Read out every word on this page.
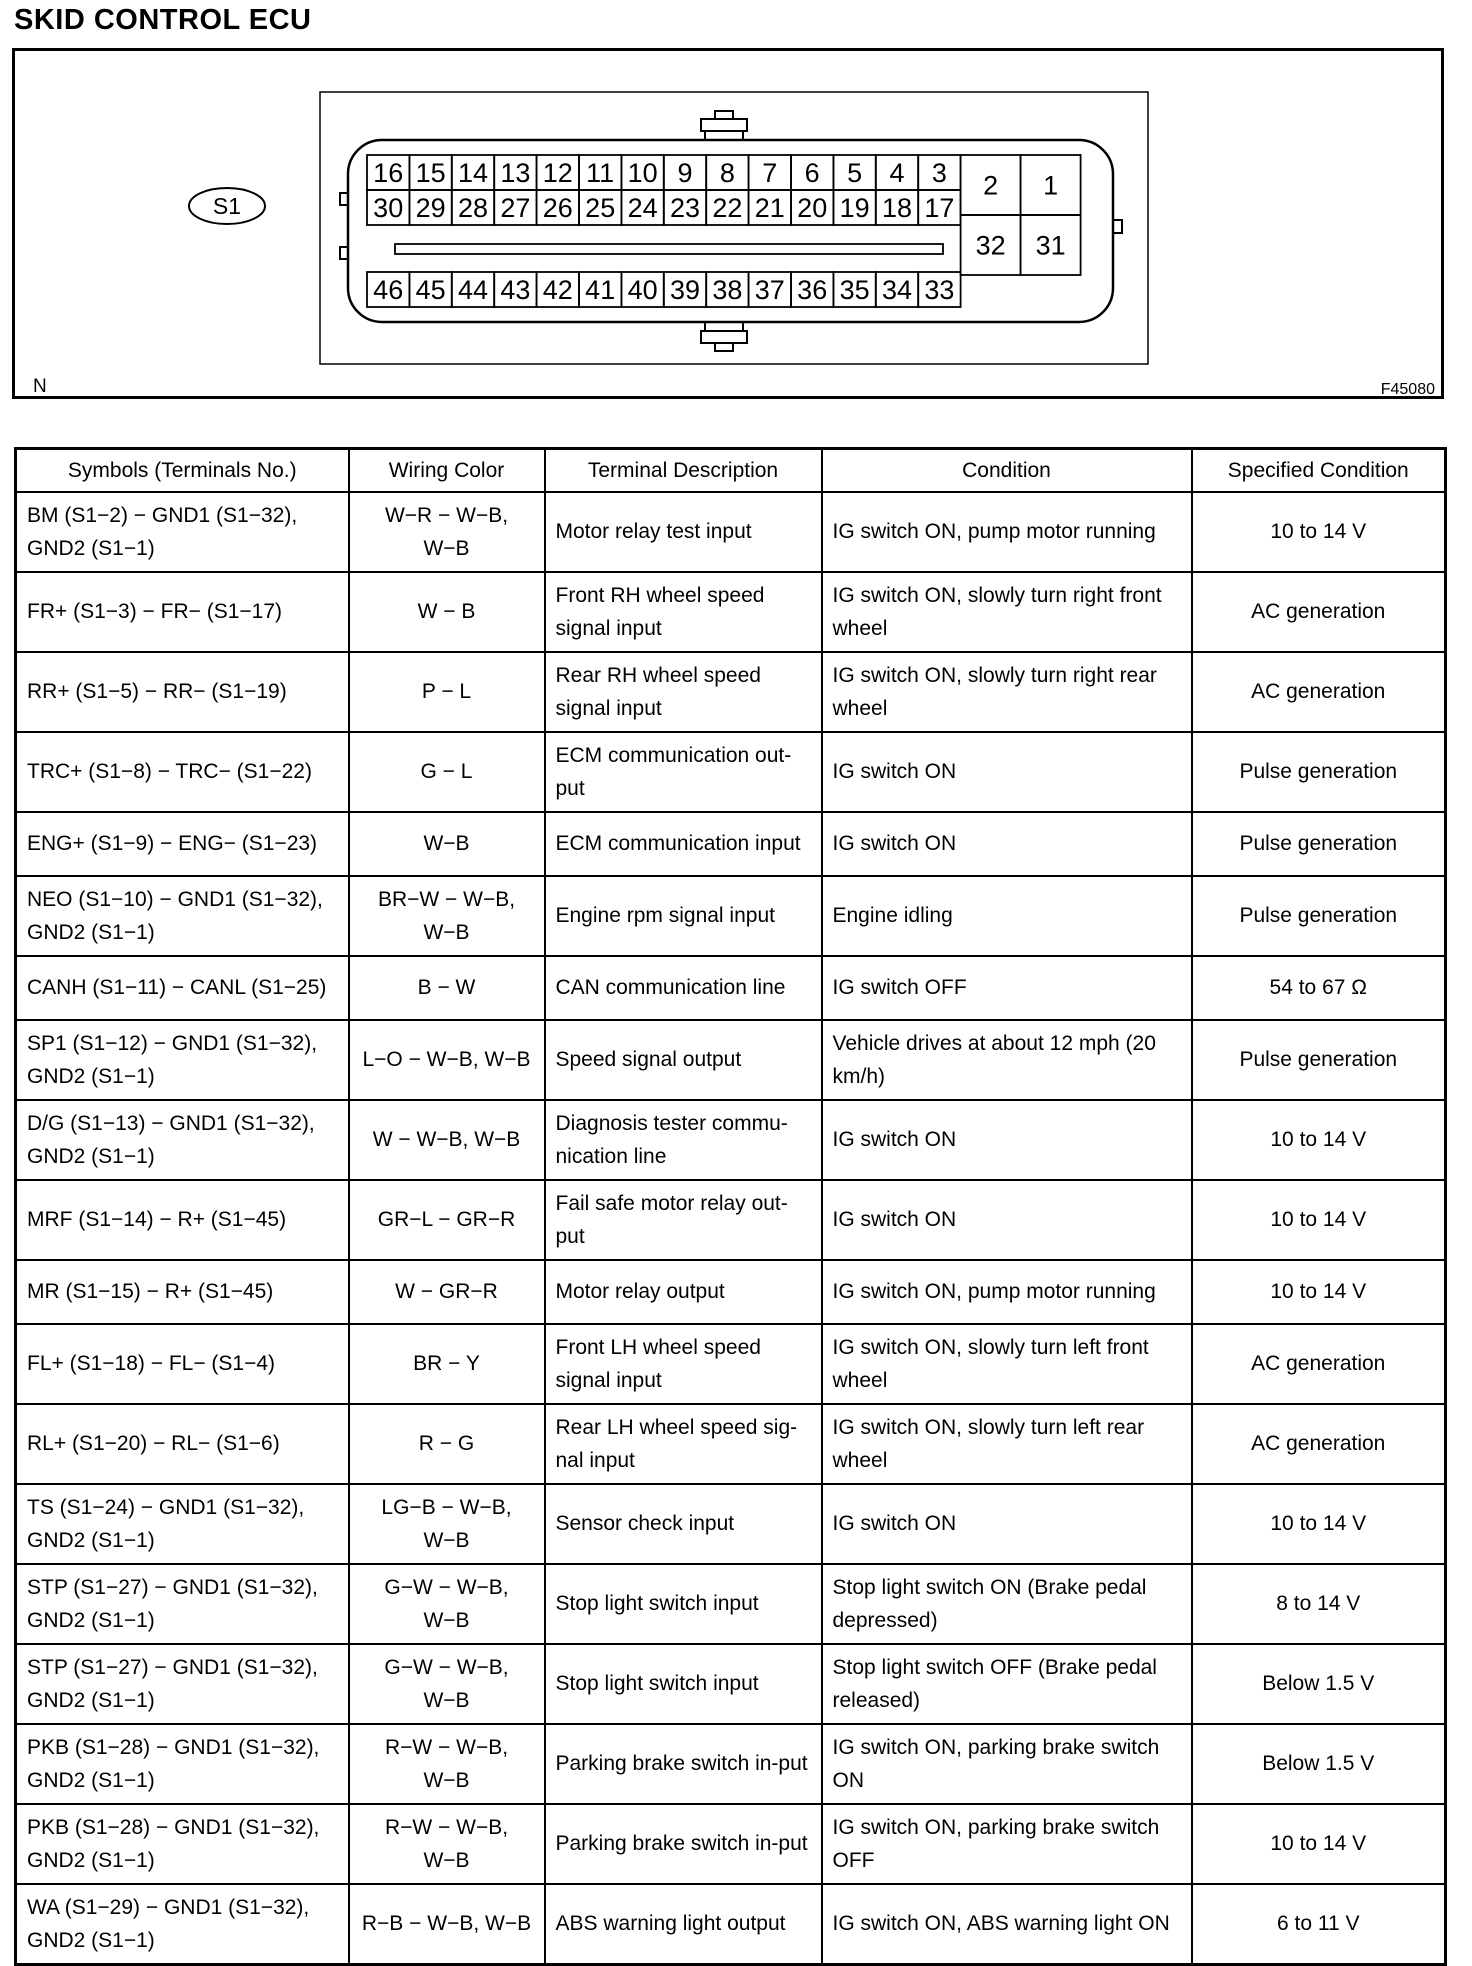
SKID CONTROL ECU
16 15 14 13 12 11 10 9 8 7 6 5 4 3
30 29 28 27 26 25 24 23 22 21 20 19 18 17
46 45 44 43 42 41 40 39 38 37 36 35 34 33
2 1
32 31
S1
N	F45080
Symbols (Terminals No.)	Wiring Color	Terminal Description	Condition	Specified Condition
BM (S1−2) − GND1 (S1−32), GND2 (S1−1)	W−R − W−B, W−B	Motor relay test input	IG switch ON, pump motor running	10 to 14 V
FR+ (S1−3) − FR− (S1−17)	W − B	Front RH wheel speed signal input	IG switch ON, slowly turn right front wheel	AC generation
RR+ (S1−5) − RR− (S1−19)	P − L	Rear RH wheel speed signal input	IG switch ON, slowly turn right rear wheel	AC generation
TRC+ (S1−8) − TRC− (S1−22)	G − L	ECM communication out-put	IG switch ON	Pulse generation
ENG+ (S1−9) − ENG− (S1−23)	W−B	ECM communication input	IG switch ON	Pulse generation
NEO (S1−10) − GND1 (S1−32), GND2 (S1−1)	BR−W − W−B, W−B	Engine rpm signal input	Engine idling	Pulse generation
CANH (S1−11) − CANL (S1−25)	B − W	CAN communication line	IG switch OFF	54 to 67 Ω
SP1 (S1−12) − GND1 (S1−32), GND2 (S1−1)	L−O − W−B, W−B	Speed signal output	Vehicle drives at about 12 mph (20 km/h)	Pulse generation
D/G (S1−13) − GND1 (S1−32), GND2 (S1−1)	W − W−B, W−B	Diagnosis tester commu-nication line	IG switch ON	10 to 14 V
MRF (S1−14) − R+ (S1−45)	GR−L − GR−R	Fail safe motor relay out-put	IG switch ON	10 to 14 V
MR (S1−15) − R+ (S1−45)	W − GR−R	Motor relay output	IG switch ON, pump motor running	10 to 14 V
FL+ (S1−18) − FL− (S1−4)	BR − Y	Front LH wheel speed signal input	IG switch ON, slowly turn left front wheel	AC generation
RL+ (S1−20) − RL− (S1−6)	R − G	Rear LH wheel speed sig-nal input	IG switch ON, slowly turn left rear wheel	AC generation
TS (S1−24) − GND1 (S1−32), GND2 (S1−1)	LG−B − W−B, W−B	Sensor check input	IG switch ON	10 to 14 V
STP (S1−27) − GND1 (S1−32), GND2 (S1−1)	G−W − W−B, W−B	Stop light switch input	Stop light switch ON (Brake pedal depressed)	8 to 14 V
STP (S1−27) − GND1 (S1−32), GND2 (S1−1)	G−W − W−B, W−B	Stop light switch input	Stop light switch OFF (Brake pedal released)	Below 1.5 V
PKB (S1−28) − GND1 (S1−32), GND2 (S1−1)	R−W − W−B, W−B	Parking brake switch in-put	IG switch ON, parking brake switch ON	Below 1.5 V
PKB (S1−28) − GND1 (S1−32), GND2 (S1−1)	R−W − W−B, W−B	Parking brake switch in-put	IG switch ON, parking brake switch OFF	10 to 14 V
WA (S1−29) − GND1 (S1−32), GND2 (S1−1)	R−B − W−B, W−B	ABS warning light output	IG switch ON, ABS warning light ON	6 to 11 V
